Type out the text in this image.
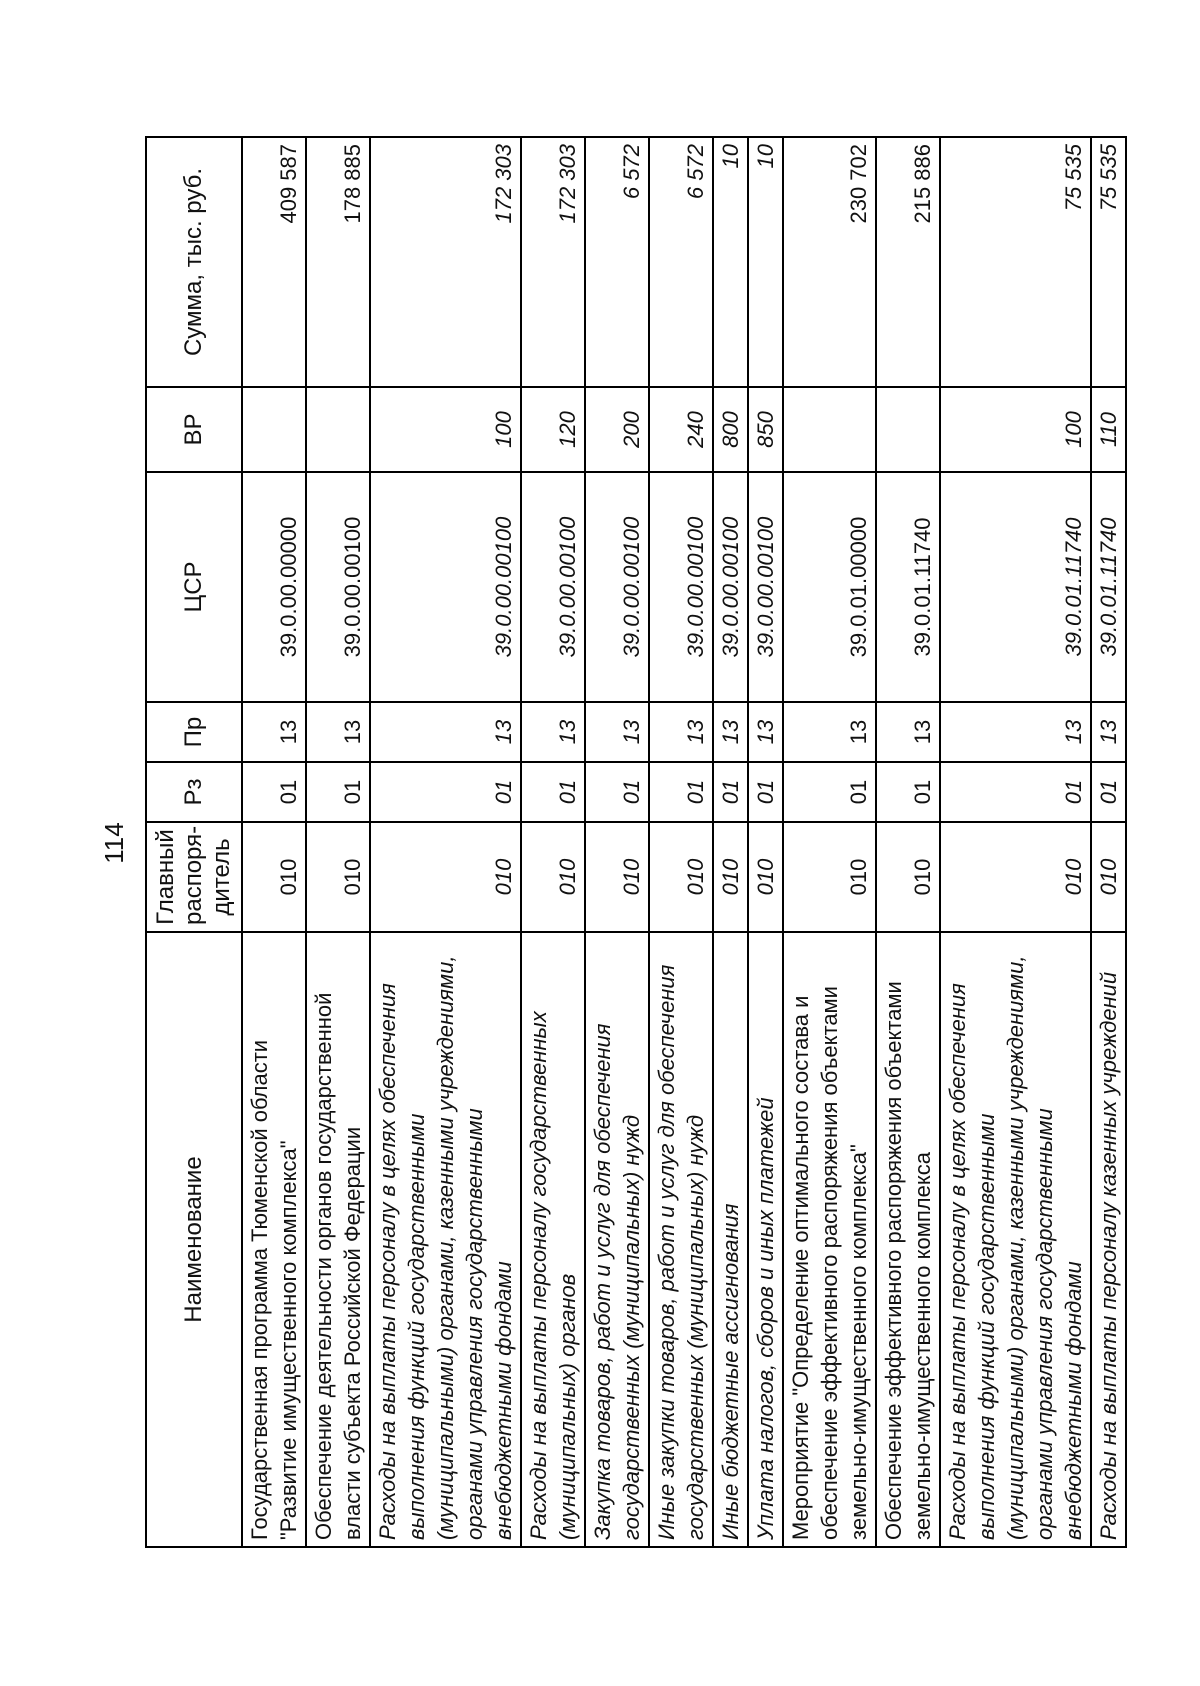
114
Наименование	Главный распоря-дитель	Рз	Пр	ЦСР	ВР	Сумма, тыс. руб.
Государственная программа Тюменской области "Развитие имущественного комплекса"	010	01	13	39.0.00.00000		409 587
Обеспечение деятельности органов государственной власти субъекта Российской Федерации	010	01	13	39.0.00.00100		178 885
Расходы на выплаты персоналу в целях обеспечения выполнения функций государственными (муниципальными) органами, казенными учреждениями, органами управления государственными внебюджетными фондами	010	01	13	39.0.00.00100	100	172 303
Расходы на выплаты персоналу государственных (муниципальных) органов	010	01	13	39.0.00.00100	120	172 303
Закупка товаров, работ и услуг для обеспечения государственных (муниципальных) нужд	010	01	13	39.0.00.00100	200	6 572
Иные закупки товаров, работ и услуг для обеспечения государственных (муниципальных) нужд	010	01	13	39.0.00.00100	240	6 572
Иные бюджетные ассигнования	010	01	13	39.0.00.00100	800	10
Уплата налогов, сборов и иных платежей	010	01	13	39.0.00.00100	850	10
Мероприятие "Определение оптимального состава и обеспечение эффективного распоряжения объектами земельно-имущественного комплекса"	010	01	13	39.0.01.00000		230 702
Обеспечение эффективного распоряжения объектами земельно-имущественного комплекса	010	01	13	39.0.01.11740		215 886
Расходы на выплаты персоналу в целях обеспечения выполнения функций государственными (муниципальными) органами, казенными учреждениями, органами управления государственными внебюджетными фондами	010	01	13	39.0.01.11740	100	75 535
Расходы на выплаты персоналу казенных учреждений	010	01	13	39.0.01.11740	110	75 535
